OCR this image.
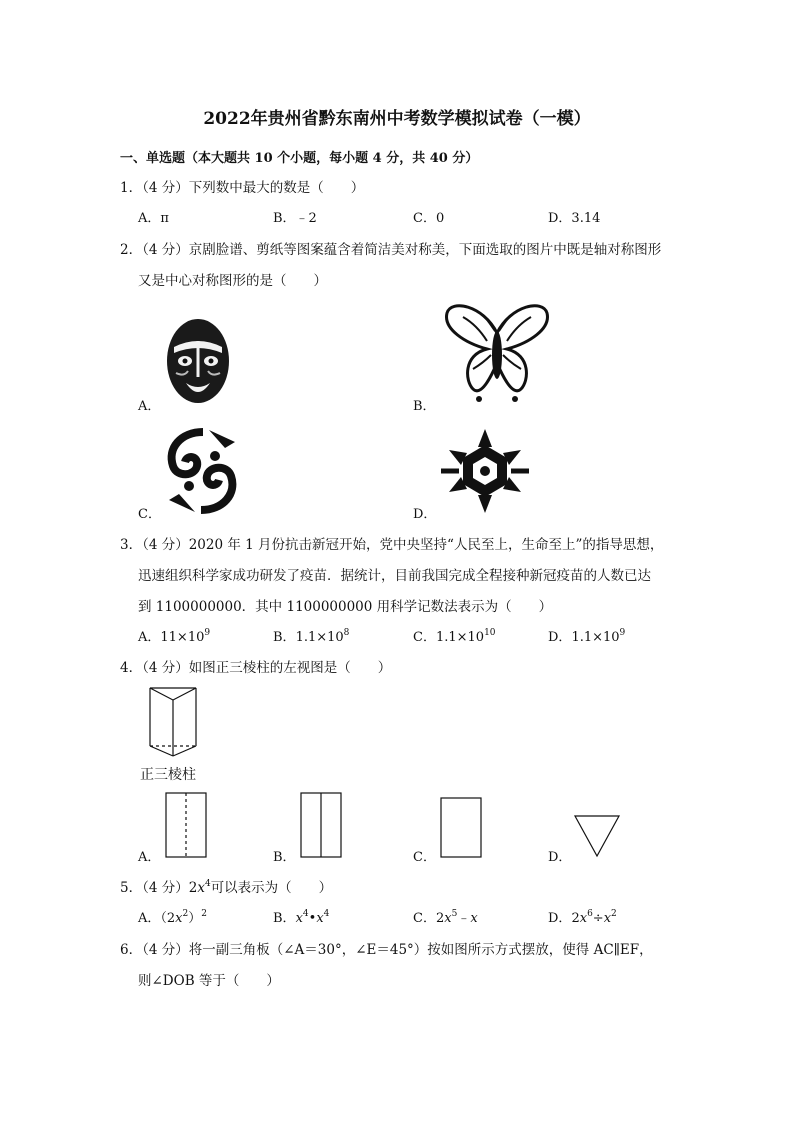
2022年贵州省黔东南州中考数学模拟试卷（一模）
一、单选题（本大题共 10 个小题，每小题 4 分，共 40 分）
1．（4 分）下列数中最大的数是（　　）
A．π	B．﹣2	C．0	D．3.14
2．（4 分）京剧脸谱、剪纸等图案蕴含着简洁美对称美，下面选取的图片中既是轴对称图形
又是中心对称图形的是（　　）
A．	B．
C．	D．
3．（4 分）2020 年 1 月份抗击新冠开始，党中央坚持“人民至上，生命至上”的指导思想，
迅速组织科学家成功研发了疫苗．据统计，目前我国完成全程接种新冠疫苗的人数已达
到 1100000000．其中 1100000000 用科学记数法表示为（　　）
A．$11\times 10^9$	B．$1.1\times 10^8$	C．$1.1\times 10^{10}$	D．$1.1\times 10^9$
4．（4 分）如图正三棱柱的左视图是（　　）
正三棱柱
A．	B．	C．	D．
5．（4 分）$2x^4$可以表示为（　　）
A．$(2x^2)^2$	B．$x^4•x^4$	C．$2x^5﹣x$	D．$2x^6\div x^2$
6．（4 分）将一副三角板（∠A＝30°，∠E＝45°）按如图所示方式摆放，使得 AC∥EF，
则∠DOB 等于（　　）
